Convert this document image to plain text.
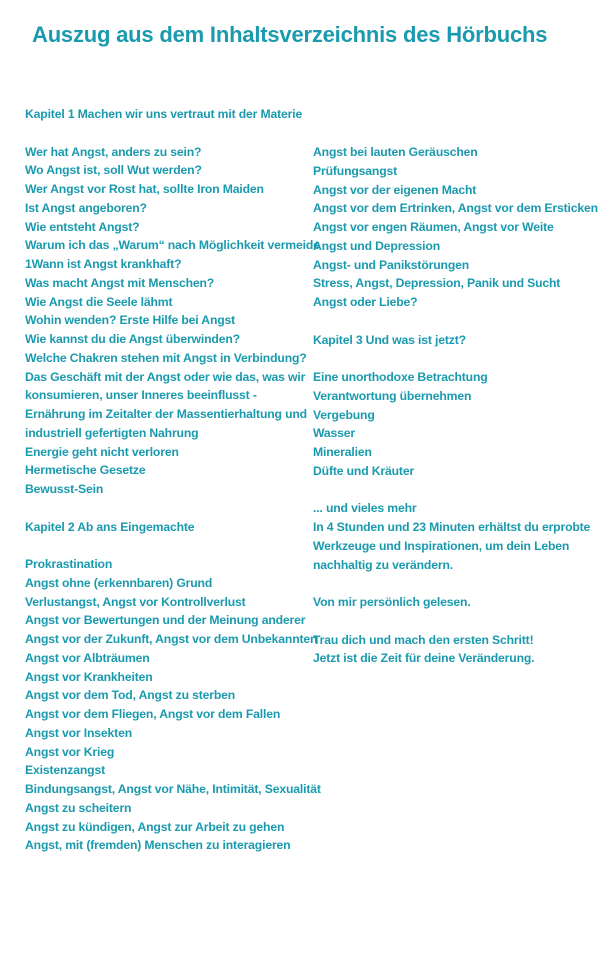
Auszug aus dem Inhaltsverzeichnis des Hörbuchs
Kapitel 1 Machen wir uns vertraut mit der Materie
Wer hat Angst, anders zu sein?
Wo Angst ist, soll Wut werden?
Wer Angst vor Rost hat, sollte Iron Maiden
Ist Angst angeboren?
Wie entsteht Angst?
Warum ich das „Warum“ nach Möglichkeit vermeide
1Wann ist Angst krankhaft?
Was macht Angst mit Menschen?
Wie Angst die Seele lähmt
Wohin wenden? Erste Hilfe bei Angst
Wie kannst du die Angst überwinden?
Welche Chakren stehen mit Angst in Verbindung?
Das Geschäft mit der Angst oder wie das, was wir
konsumieren, unser Inneres beeinflusst -
Ernährung im Zeitalter der Massentierhaltung und
industriell gefertigten Nahrung
Energie geht nicht verloren
Hermetische Gesetze
Bewusst-Sein
Kapitel 2 Ab ans Eingemachte
Prokrastination
Angst ohne (erkennbaren) Grund
Verlustangst, Angst vor Kontrollverlust
Angst vor Bewertungen und der Meinung anderer
Angst vor der Zukunft, Angst vor dem Unbekannten
Angst vor Albträumen
Angst vor Krankheiten
Angst vor dem Tod, Angst zu sterben
Angst vor dem Fliegen, Angst vor dem Fallen
Angst vor Insekten
Angst vor Krieg
Existenzangst
Bindungsangst, Angst vor Nähe, Intimität, Sexualität
Angst zu scheitern
Angst zu kündigen, Angst zur Arbeit zu gehen
Angst, mit (fremden) Menschen zu interagieren
Angst bei lauten Geräuschen
Prüfungsangst
Angst vor der eigenen Macht
Angst vor dem Ertrinken, Angst vor dem Ersticken
Angst vor engen Räumen, Angst vor Weite
Angst und Depression
Angst- und Panikstörungen
Stress, Angst, Depression, Panik und Sucht
Angst oder Liebe?
Kapitel 3 Und was ist jetzt?
Eine unorthodoxe Betrachtung
Verantwortung übernehmen
Vergebung
Wasser
Mineralien
Düfte und Kräuter
... und vieles mehr
In 4 Stunden und 23 Minuten erhältst du erprobte
Werkzeuge und Inspirationen, um dein Leben
nachhaltig zu verändern.
Von mir persönlich gelesen.
Trau dich und mach den ersten Schritt!
Jetzt ist die Zeit für deine Veränderung.
